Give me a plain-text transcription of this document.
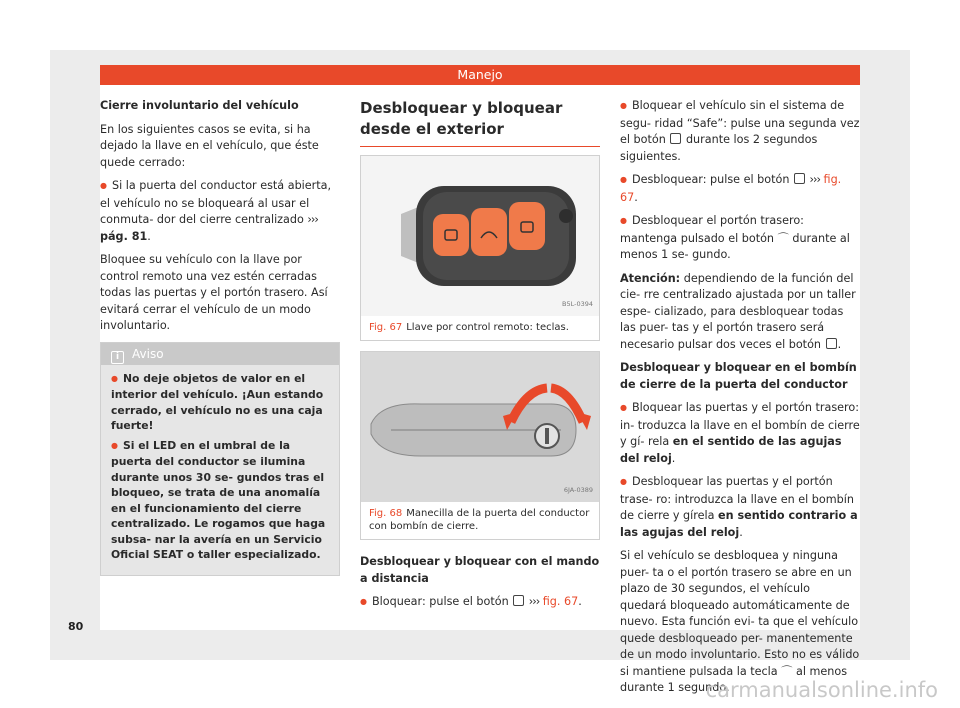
Manejo

Cierre involuntario del vehículo

En los siguientes casos se evita, si ha dejado la llave en el vehículo, que éste quede cerrado:

● Si la puerta del conductor está abierta, el vehículo no se bloqueará al usar el conmuta- dor del cierre centralizado ››› pág. 81.

Bloquee su vehículo con la llave por control remoto una vez estén cerradas todas las puertas y el portón trasero. Así evitará cerrar el vehículo de un modo involuntario.

i Aviso

● No deje objetos de valor en el interior del vehículo. ¡Aun estando cerrado, el vehículo no es una caja fuerte!

● Si el LED en el umbral de la puerta del conductor se ilumina durante unos 30 se- gundos tras el bloqueo, se trata de una anomalía en el funcionamiento del cierre centralizado. Le rogamos que haga subsa- nar la avería en un Servicio Oficial SEAT o taller especializado.

Desbloquear y bloquear desde el exterior
B5L-0394
Fig. 67 Llave por control remoto: teclas.
6JA-0389
Fig. 68 Manecilla de la puerta del conductor con bombín de cierre.

Desbloquear y bloquear con el mando a distancia

● Bloquear: pulse el botón ››› fig. 67.

● Bloquear el vehículo sin el sistema de segu- ridad “Safe”: pulse una segunda vez el botón durante los 2 segundos siguientes.

● Desbloquear: pulse el botón ››› fig. 67.

● Desbloquear el portón trasero: mantenga pulsado el botón ⌒ durante al menos 1 se- gundo.

Atención: dependiendo de la función del cie- rre centralizado ajustada por un taller espe- cializado, para desbloquear todas las puer- tas y el portón trasero será necesario pulsar dos veces el botón .

Desbloquear y bloquear en el bombín de cierre de la puerta del conductor

● Bloquear las puertas y el portón trasero: in- troduzca la llave en el bombín de cierre y gí- rela en el sentido de las agujas del reloj.

● Desbloquear las puertas y el portón trase- ro: introduzca la llave en el bombín de cierre y gírela en sentido contrario a las agujas del reloj.

Si el vehículo se desbloquea y ninguna puer- ta o el portón trasero se abre en un plazo de 30 segundos, el vehículo quedará bloqueado automáticamente de nuevo. Esta función evi- ta que el vehículo quede desbloqueado per- manentemente de un modo involuntario. Esto no es válido si mantiene pulsada la tecla ⌒ al menos durante 1 segundo.

80
carmanualsonline.info
